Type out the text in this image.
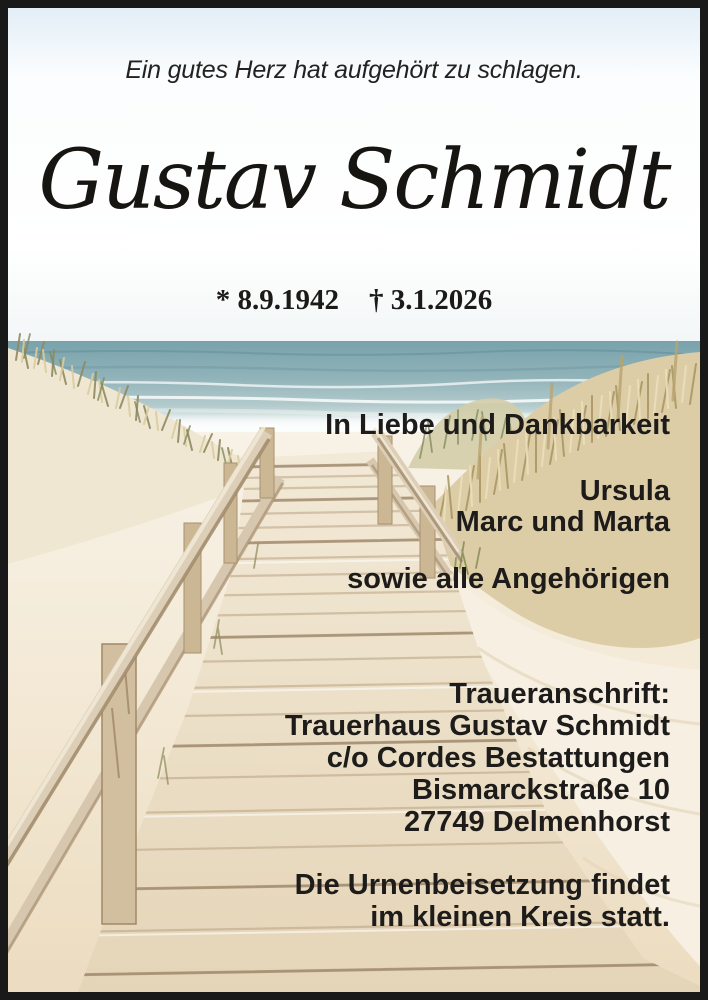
Ein gutes Herz hat aufgehört zu schlagen.
Gustav Schmidt
* 8.9.1942 † 3.1.2026
In Liebe und Dankbarkeit
Ursula
Marc und Marta
sowie alle Angehörigen
Traueranschrift:
Trauerhaus Gustav Schmidt
c/o Cordes Bestattungen
Bismarckstraße 10
27749 Delmenhorst
Die Urnenbeisetzung findet
im kleinen Kreis statt.
